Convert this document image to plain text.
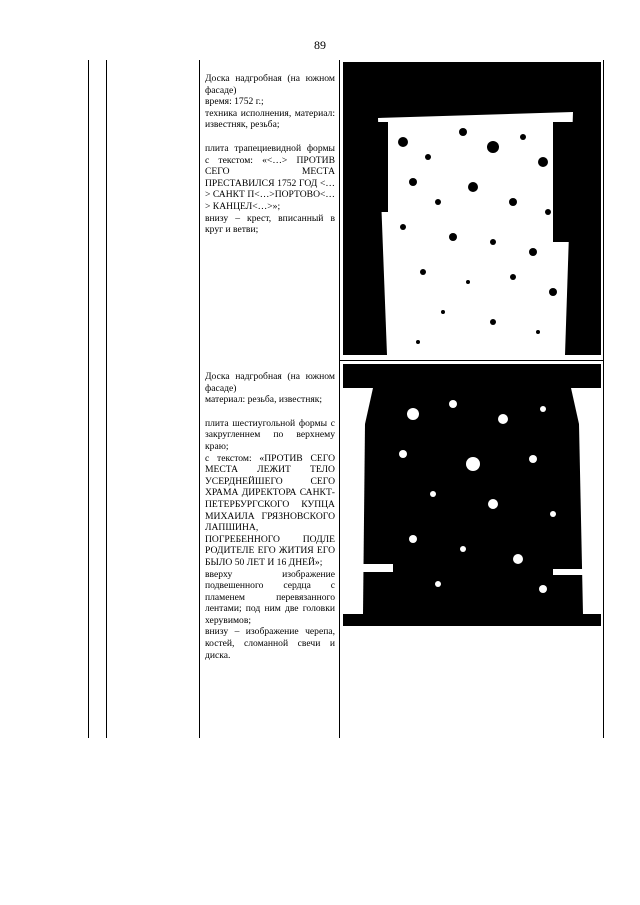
89

Доска надгробная (на южном фасаде)

время: 1752 г.;

техника исполнения, материал: известняк, резьба;

плита трапециевидной формы с текстом: «<…> ПРОТИВ СЕГО МЕСТА ПРЕСТАВИЛСЯ 1752 ГОД <…> САНКТ П<…>ПОРТОВО<…> КАНЦЕЛ<…>»;

внизу – крест, вписанный в круг и ветви;

Доска надгробная (на южном фасаде)

материал: резьба, известняк;

плита шестиугольной формы с закругленнем по верхнему краю;

с текстом: «ПРОТИВ СЕГО МЕСТА ЛЕЖИТ ТЕЛО УСЕРДНЕЙШЕГО СЕГО ХРАМА ДИРЕКТОРА САНКТ-ПЕТЕРБУРГСКОГО КУПЦА МИХАИЛА ГРЯЗНОВСКОГО ЛАПШИНА, ПОГРЕБЕННОГО ПОДЛЕ РОДИТЕЛЕ ЕГО ЖИТИЯ ЕГО БЫЛО 50 ЛЕТ И 16 ДНЕЙ»;

вверху изображение подвешенного сердца с пламенем перевязанного лентами; под ним две головки херувимов;

внизу – изображение черепа, костей, сломанной свечи и диска.
